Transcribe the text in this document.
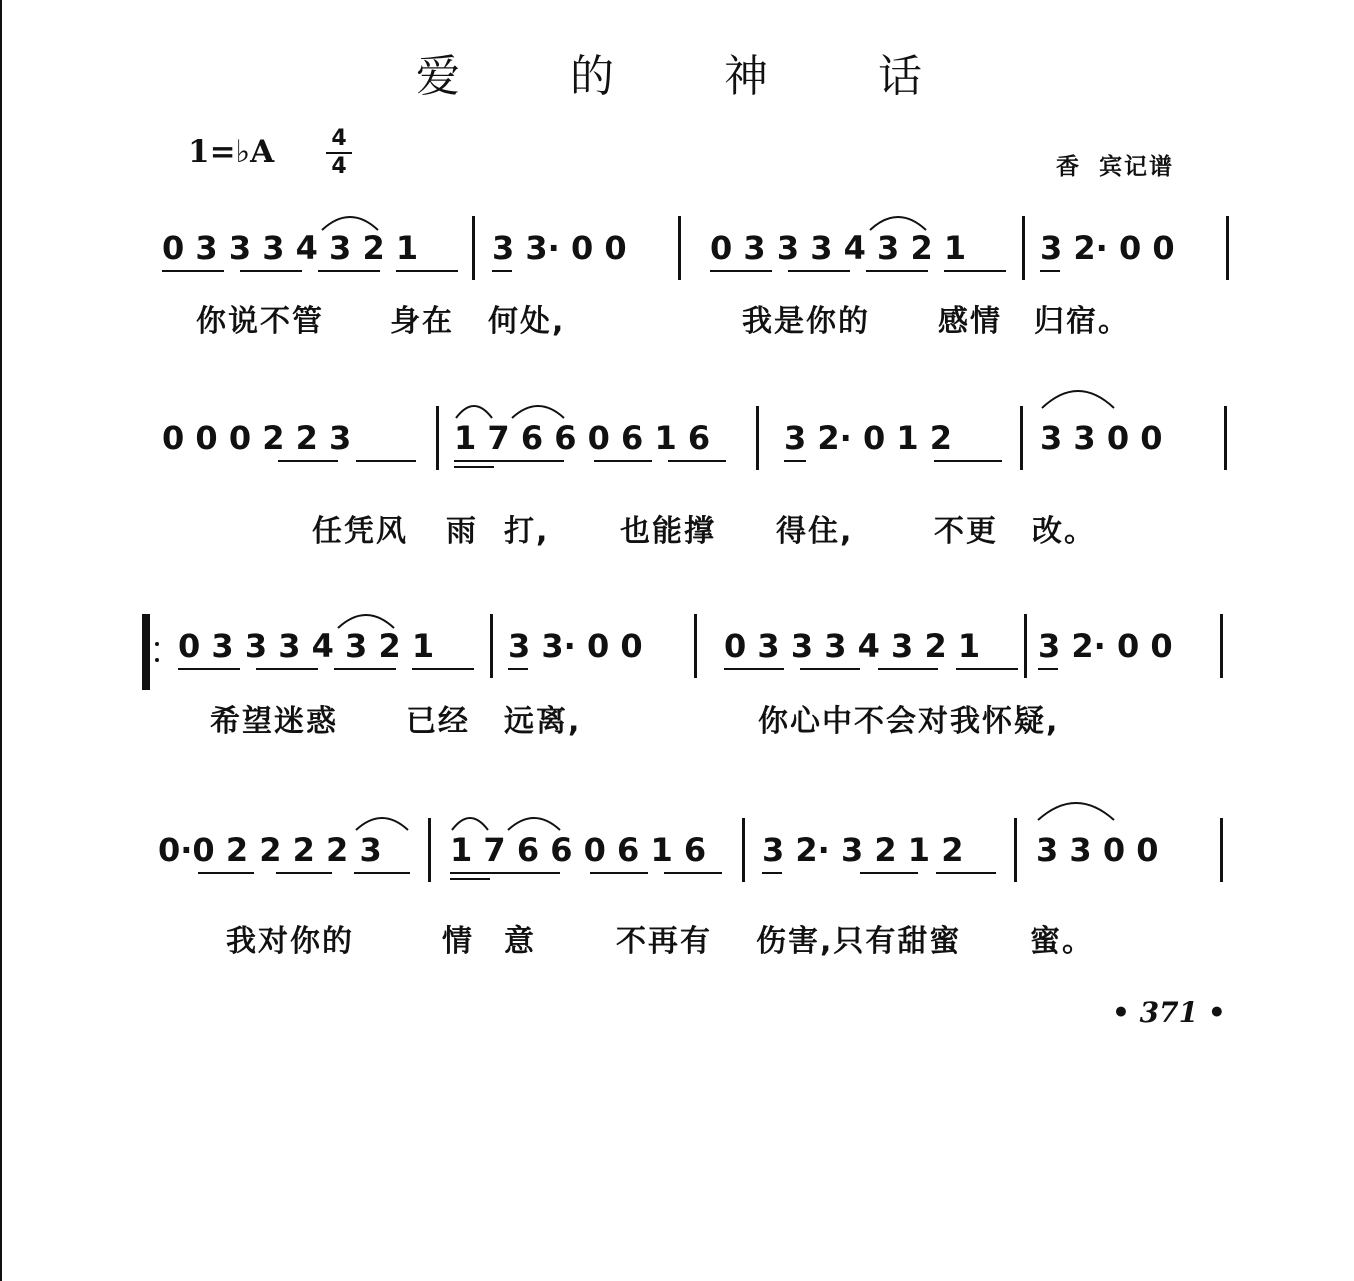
爱 的 神 话
1=♭A	4
4	香 宾记谱
0 3 3 3 4 3 2 1	3 3· 0 0	0 3 3 3 4 3 2 1	3 2· 0 0
你说不管 身在 何处,	我是你的 感情 归宿。
0 0 0 2 2 3	1 7 6 6 0 6 1 6	3 2· 0 1 2	3 3 0 0
任凭风 雨 打, 也能撑 得住,	不更 改。
0 3 3 3 4 3 2 1	3 3· 0 0	0 3 3 3 4 3 2 1	3 2· 0 0
希望迷惑 已经 远离,	你心中不会对我怀疑,
0·0 2 2 2 2 3	1 7 6 6 0 6 1 6	3 2· 3 2 1 2	3 3 0 0
我对你的	情 意	不再有 伤害,只有甜蜜 蜜。
• 371 •
